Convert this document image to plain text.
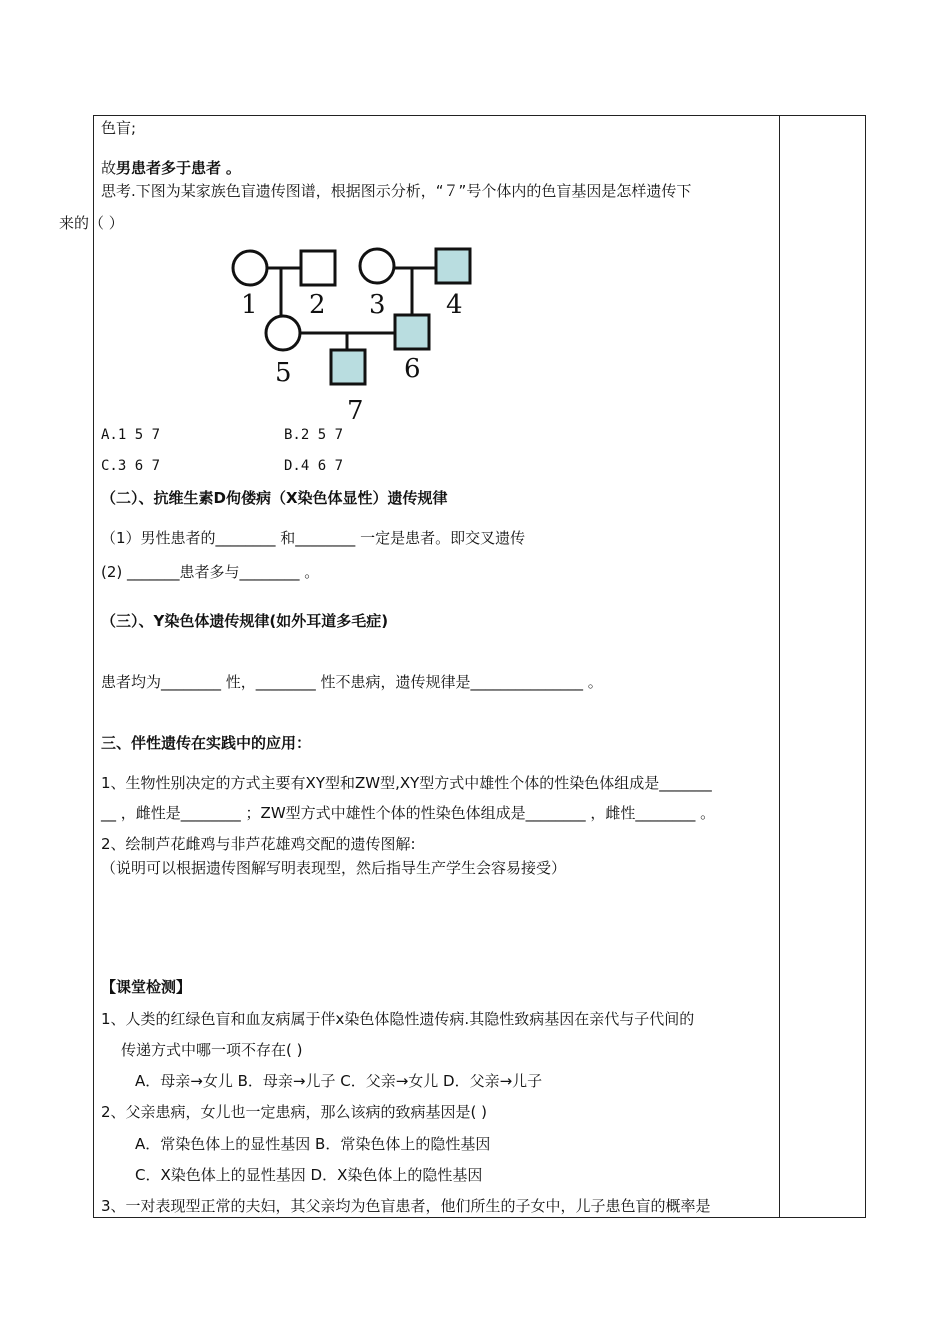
色盲;
故男患者多于患者 。
思考.下图为某家族色盲遗传图谱，根据图示分析，“７”号个体内的色盲基因是怎样遗传下
来的（ ）
1 2 3 4
5	6
7
A.1 5 7	B.2 5 7
C.3 6 7	D.4 6 7
（二）、抗维生素D佝偻病（X染色体显性）遗传规律
（1）男性患者的________ 和________ 一定是患者。即交叉遗传
(2) _______患者多与________ 。
（三）、Y染色体遗传规律(如外耳道多毛症)
患者均为________ 性，________ 性不患病，遗传规律是_______________ 。
三、伴性遗传在实践中的应用：
1、生物性别决定的方式主要有XY型和ZW型,XY型方式中雄性个体的性染色体组成是_______
__ ，雌性是________ ；ZW型方式中雄性个体的性染色体组成是________ ，雌性________ 。
2、绘制芦花雌鸡与非芦花雄鸡交配的遗传图解:
（说明可以根据遗传图解写明表现型，然后指导生产学生会容易接受）
【课堂检测】
1、人类的红绿色盲和血友病属于伴x染色体隐性遗传病.其隐性致病基因在亲代与子代间的
传递方式中哪一项不存在( )
A．母亲→女儿 B．母亲→儿子 C．父亲→女儿 D．父亲→儿子
2、父亲患病，女儿也一定患病，那么该病的致病基因是( )
A．常染色体上的显性基因 B．常染色体上的隐性基因
C．X染色体上的显性基因 D．X染色体上的隐性基因
3、一对表现型正常的夫妇，其父亲均为色盲患者，他们所生的子女中，儿子患色盲的概率是
